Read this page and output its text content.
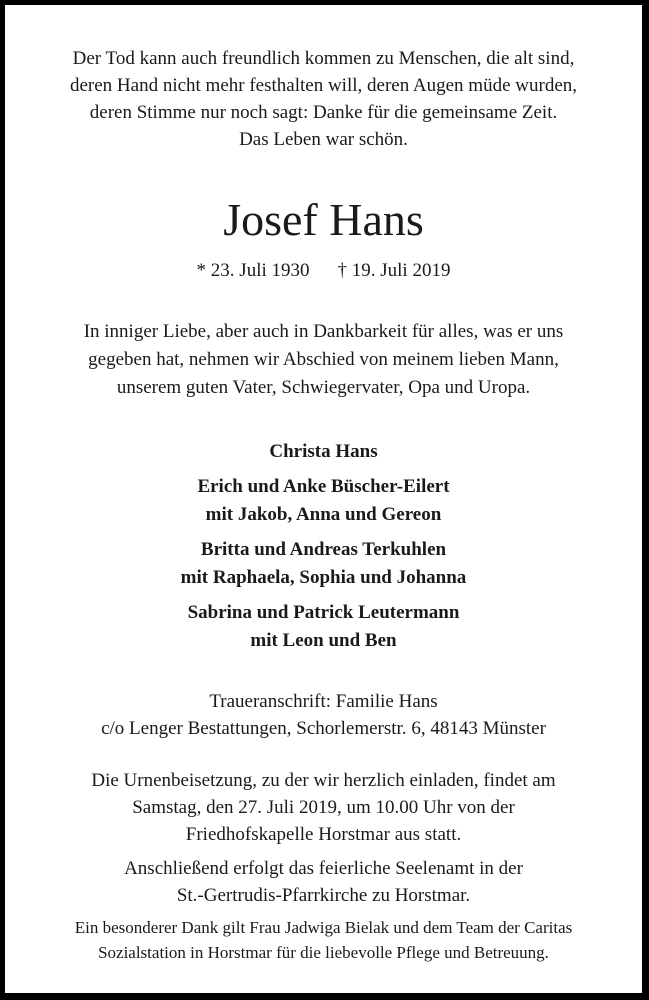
Der Tod kann auch freundlich kommen zu Menschen, die alt sind,
deren Hand nicht mehr festhalten will, deren Augen müde wurden,
deren Stimme nur noch sagt: Danke für die gemeinsame Zeit.
Das Leben war schön.
Josef Hans
* 23. Juli 1930 † 19. Juli 2019
In inniger Liebe, aber auch in Dankbarkeit für alles, was er uns
gegeben hat, nehmen wir Abschied von meinem lieben Mann,
unserem guten Vater, Schwiegervater, Opa und Uropa.
Christa Hans
Erich und Anke Büscher-Eilert
mit Jakob, Anna und Gereon
Britta und Andreas Terkuhlen
mit Raphaela, Sophia und Johanna
Sabrina und Patrick Leutermann
mit Leon und Ben
Traueranschrift: Familie Hans
c/o Lenger Bestattungen, Schorlemerstr. 6, 48143 Münster
Die Urnenbeisetzung, zu der wir herzlich einladen, findet am
Samstag, den 27. Juli 2019, um 10.00 Uhr von der
Friedhofskapelle Horstmar aus statt.
Anschließend erfolgt das feierliche Seelenamt in der
St.-Gertrudis-Pfarrkirche zu Horstmar.
Ein besonderer Dank gilt Frau Jadwiga Bielak und dem Team der Caritas
Sozialstation in Horstmar für die liebevolle Pflege und Betreuung.
